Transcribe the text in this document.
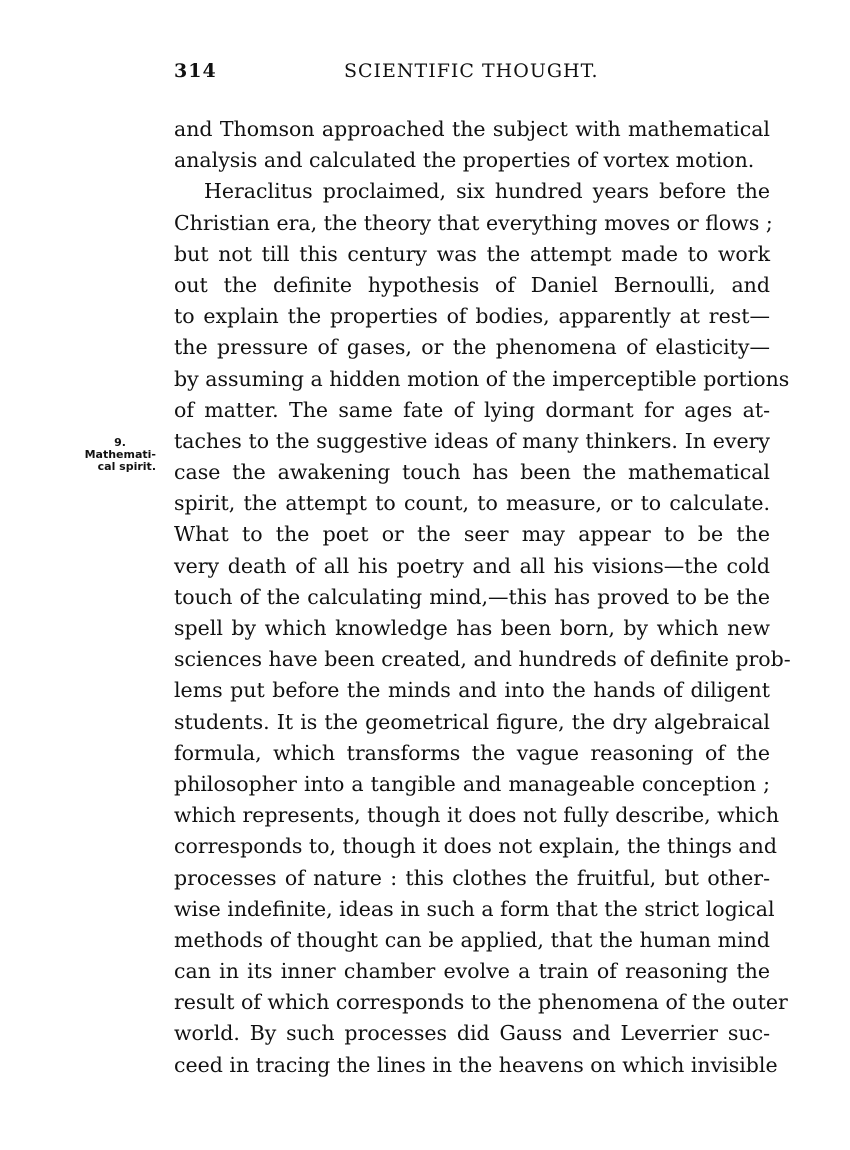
314	SCIENTIFIC THOUGHT.
9.
Mathemati-
cal spirit.
and Thomson approached the subject with mathematical
analysis and calculated the properties of vortex motion.
Heraclitus proclaimed, six hundred years before the
Christian era, the theory that everything moves or flows ;
but not till this century was the attempt made to work
out the definite hypothesis of Daniel Bernoulli, and
to explain the properties of bodies, apparently at rest—
the pressure of gases, or the phenomena of elasticity—
by assuming a hidden motion of the imperceptible portions
of matter. The same fate of lying dormant for ages at-
taches to the suggestive ideas of many thinkers. In every
case the awakening touch has been the mathematical
spirit, the attempt to count, to measure, or to calculate.
What to the poet or the seer may appear to be the
very death of all his poetry and all his visions—the cold
touch of the calculating mind,—this has proved to be the
spell by which knowledge has been born, by which new
sciences have been created, and hundreds of definite prob-
lems put before the minds and into the hands of diligent
students. It is the geometrical figure, the dry algebraical
formula, which transforms the vague reasoning of the
philosopher into a tangible and manageable conception ;
which represents, though it does not fully describe, which
corresponds to, though it does not explain, the things and
processes of nature : this clothes the fruitful, but other-
wise indefinite, ideas in such a form that the strict logical
methods of thought can be applied, that the human mind
can in its inner chamber evolve a train of reasoning the
result of which corresponds to the phenomena of the outer
world. By such processes did Gauss and Leverrier suc-
ceed in tracing the lines in the heavens on which invisible
